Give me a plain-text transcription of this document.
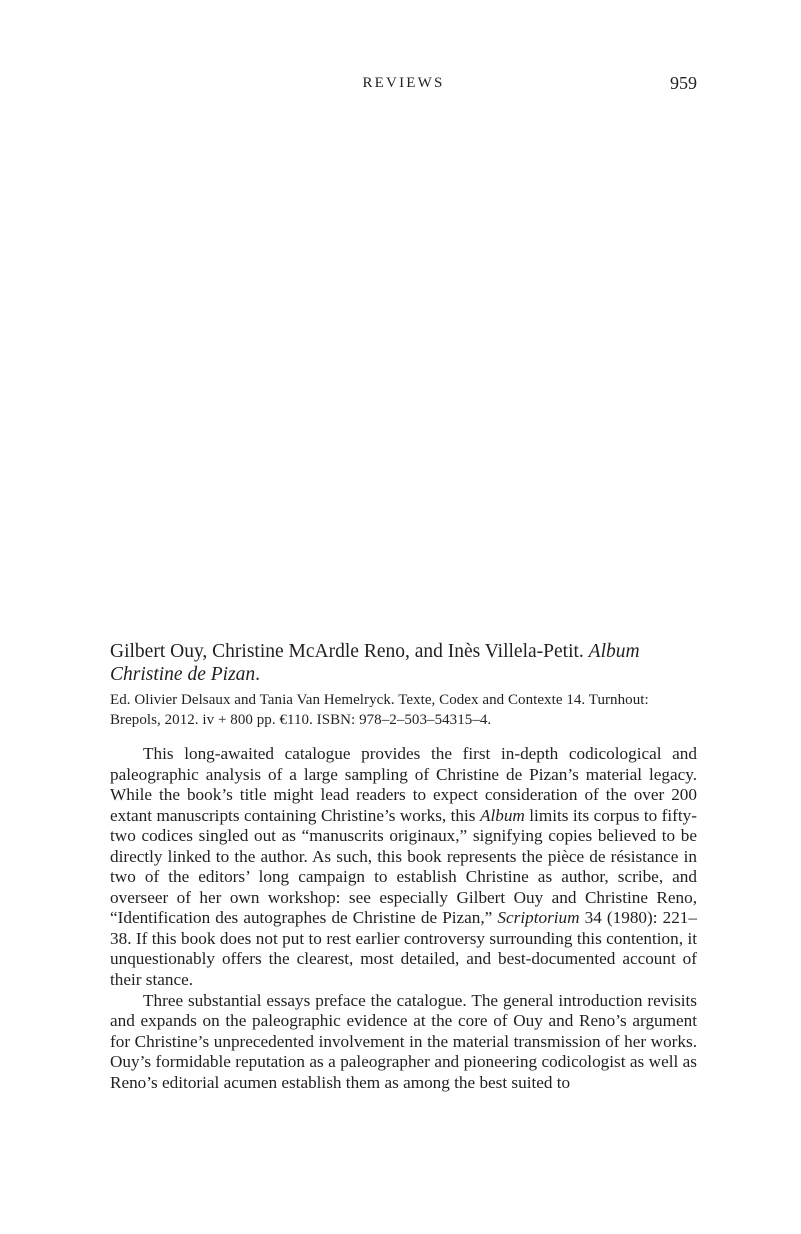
REVIEWS	959

Gilbert Ouy, Christine McArdle Reno, and Inès Villela-Petit. Album Christine de Pizan.

Ed. Olivier Delsaux and Tania Van Hemelryck. Texte, Codex and Contexte 14. Turnhout: Brepols, 2012. iv + 800 pp. €110. ISBN: 978–2–503–54315–4.

This long-awaited catalogue provides the first in-depth codicological and paleographic analysis of a large sampling of Christine de Pizan’s material legacy. While the book’s title might lead readers to expect consideration of the over 200 extant manuscripts containing Christine’s works, this Album limits its corpus to fifty-two codices singled out as “manuscrits originaux,” signifying copies believed to be directly linked to the author. As such, this book represents the pièce de résistance in two of the editors’ long campaign to establish Christine as author, scribe, and overseer of her own workshop: see especially Gilbert Ouy and Christine Reno, “Identification des autographes de Christine de Pizan,” Scriptorium 34 (1980): 221–38. If this book does not put to rest earlier controversy surrounding this contention, it unquestionably offers the clearest, most detailed, and best-documented account of their stance.

Three substantial essays preface the catalogue. The general introduction revisits and expands on the paleographic evidence at the core of Ouy and Reno’s argument for Christine’s unprecedented involvement in the material transmission of her works. Ouy’s formidable reputation as a paleographer and pioneering codicologist as well as Reno’s editorial acumen establish them as among the best suited to
